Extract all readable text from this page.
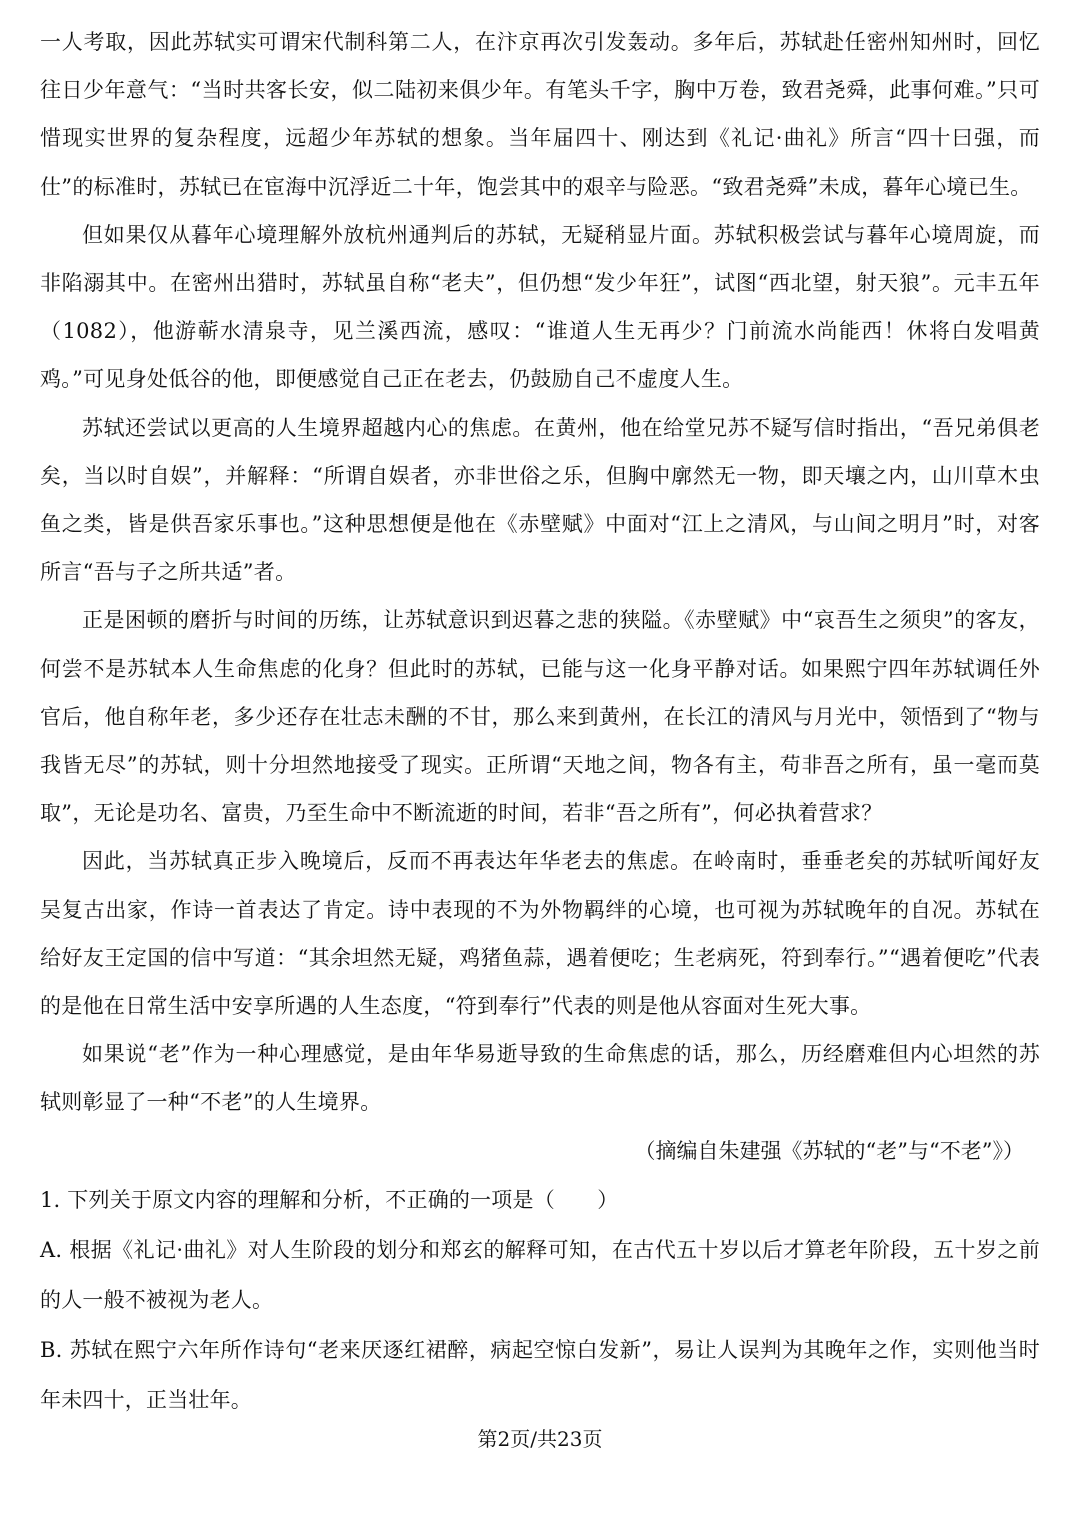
一人考取，因此苏轼实可谓宋代制科第二人，在汴京再次引发轰动。多年后，苏轼赴任密州知州时，回忆往日少年意气：“当时共客长安，似二陆初来俱少年。有笔头千字，胸中万卷，致君尧舜，此事何难。”只可惜现实世界的复杂程度，远超少年苏轼的想象。当年届四十、刚达到《礼记·曲礼》所言“四十曰强，而仕”的标准时，苏轼已在宦海中沉浮近二十年，饱尝其中的艰辛与险恶。“致君尧舜”未成，暮年心境已生。

但如果仅从暮年心境理解外放杭州通判后的苏轼，无疑稍显片面。苏轼积极尝试与暮年心境周旋，而非陷溺其中。在密州出猎时，苏轼虽自称“老夫”，但仍想“发少年狂”，试图“西北望，射天狼”。元丰五年（1082），他游蕲水清泉寺，见兰溪西流，感叹：“谁道人生无再少？门前流水尚能西！休将白发唱黄鸡。”可见身处低谷的他，即便感觉自己正在老去，仍鼓励自己不虚度人生。

苏轼还尝试以更高的人生境界超越内心的焦虑。在黄州，他在给堂兄苏不疑写信时指出，“吾兄弟俱老矣，当以时自娱”，并解释：“所谓自娱者，亦非世俗之乐，但胸中廓然无一物，即天壤之内，山川草木虫鱼之类，皆是供吾家乐事也。”这种思想便是他在《赤壁赋》中面对“江上之清风，与山间之明月”时，对客所言“吾与子之所共适”者。

正是困顿的磨折与时间的历练，让苏轼意识到迟暮之悲的狭隘。《赤壁赋》中“哀吾生之须臾”的客友，何尝不是苏轼本人生命焦虑的化身？但此时的苏轼，已能与这一化身平静对话。如果熙宁四年苏轼调任外官后，他自称年老，多少还存在壮志未酬的不甘，那么来到黄州，在长江的清风与月光中，领悟到了“物与我皆无尽”的苏轼，则十分坦然地接受了现实。正所谓“天地之间，物各有主，苟非吾之所有，虽一毫而莫取”，无论是功名、富贵，乃至生命中不断流逝的时间，若非“吾之所有”，何必执着营求？

因此，当苏轼真正步入晚境后，反而不再表达年华老去的焦虑。在岭南时，垂垂老矣的苏轼听闻好友吴复古出家，作诗一首表达了肯定。诗中表现的不为外物羁绊的心境，也可视为苏轼晚年的自况。苏轼在给好友王定国的信中写道：“其余坦然无疑，鸡猪鱼蒜，遇着便吃；生老病死，符到奉行。”“遇着便吃”代表的是他在日常生活中安享所遇的人生态度，“符到奉行”代表的则是他从容面对生死大事。

如果说“老”作为一种心理感觉，是由年华易逝导致的生命焦虑的话，那么，历经磨难但内心坦然的苏轼则彰显了一种“不老”的人生境界。

（摘编自朱建强《苏轼的“老”与“不老”》）

1. 下列关于原文内容的理解和分析，不正确的一项是（　　）

A. 根据《礼记·曲礼》对人生阶段的划分和郑玄的解释可知，在古代五十岁以后才算老年阶段，五十岁之前的人一般不被视为老人。

B. 苏轼在熙宁六年所作诗句“老来厌逐红裙醉，病起空惊白发新”，易让人误判为其晚年之作，实则他当时年未四十，正当壮年。

第2页/共23页
